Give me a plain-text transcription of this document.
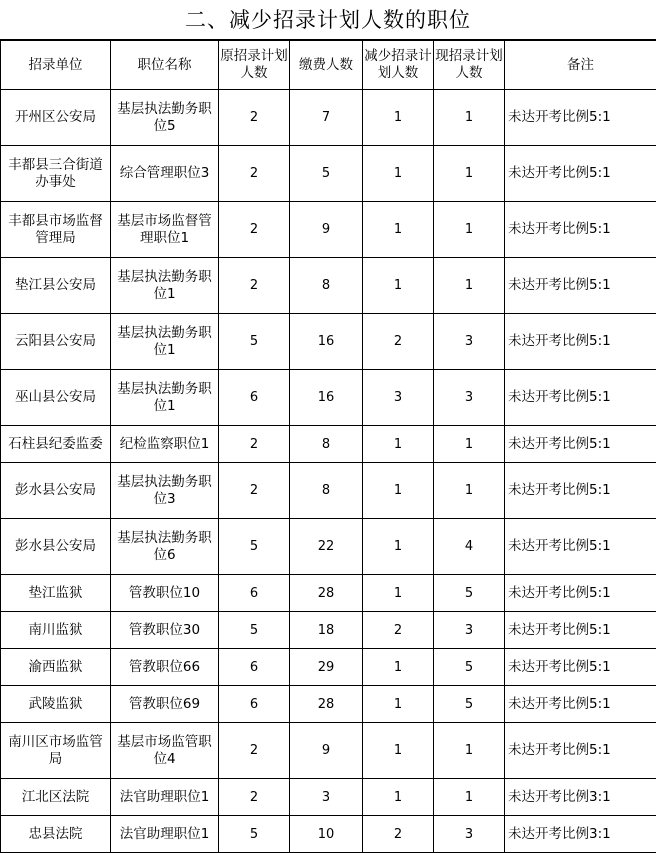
二、减少招录计划人数的职位
招录单位	职位名称	原招录计划人数	缴费人数	减少招录计划人数	现招录计划人数	备注
开州区公安局	基层执法勤务职位5	2	7	1	1	未达开考比例5:1
丰都县三合街道办事处	综合管理职位3	2	5	1	1	未达开考比例5:1
丰都县市场监督管理局	基层市场监督管理职位1	2	9	1	1	未达开考比例5:1
垫江县公安局	基层执法勤务职位1	2	8	1	1	未达开考比例5:1
云阳县公安局	基层执法勤务职位1	5	16	2	3	未达开考比例5:1
巫山县公安局	基层执法勤务职位1	6	16	3	3	未达开考比例5:1
石柱县纪委监委	纪检监察职位1	2	8	1	1	未达开考比例5:1
彭水县公安局	基层执法勤务职位3	2	8	1	1	未达开考比例5:1
彭水县公安局	基层执法勤务职位6	5	22	1	4	未达开考比例5:1
垫江监狱	管教职位10	6	28	1	5	未达开考比例5:1
南川监狱	管教职位30	5	18	2	3	未达开考比例5:1
渝西监狱	管教职位66	6	29	1	5	未达开考比例5:1
武陵监狱	管教职位69	6	28	1	5	未达开考比例5:1
南川区市场监管局	基层市场监管职位4	2	9	1	1	未达开考比例5:1
江北区法院	法官助理职位1	2	3	1	1	未达开考比例3:1
忠县法院	法官助理职位1	5	10	2	3	未达开考比例3:1
